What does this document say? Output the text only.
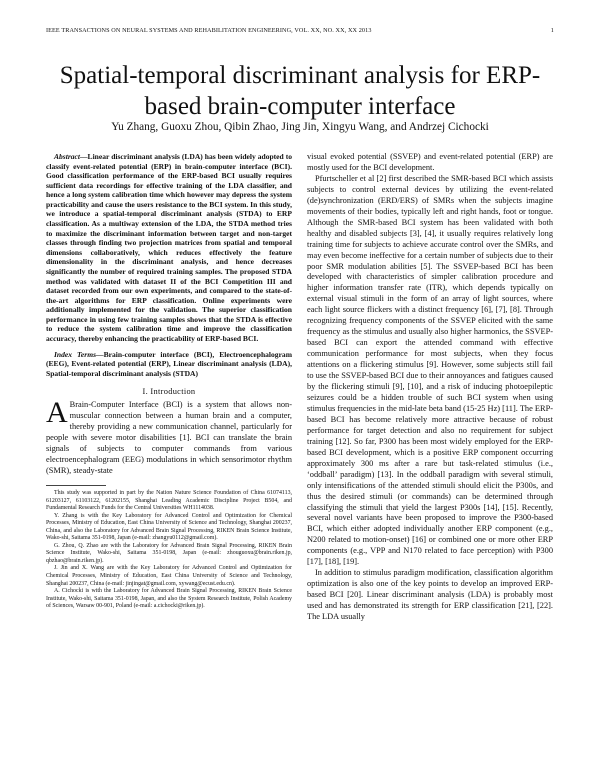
IEEE TRANSACTIONS ON NEURAL SYSTEMS AND REHABILITATION ENGINEERING, VOL. XX, NO. XX, XX 2013	1
Spatial-temporal discriminant analysis for ERP-based brain-computer interface
Yu Zhang, Guoxu Zhou, Qibin Zhao, Jing Jin, Xingyu Wang, and Andrzej Cichocki

Abstract—Linear discriminant analysis (LDA) has been widely adopted to classify event-related potential (ERP) in brain-computer interface (BCI). Good classification performance of the ERP-based BCI usually requires sufficient data recordings for effective training of the LDA classifier, and hence a long system calibration time which however may depress the system practicability and cause the users resistance to the BCI system. In this study, we introduce a spatial-temporal discriminant analysis (STDA) to ERP classification. As a multiway extension of the LDA, the STDA method tries to maximize the discriminant information between target and non-target classes through finding two projection matrices from spatial and temporal dimensions collaboratively, which reduces effectively the feature dimensionality in the discriminant analysis, and hence decreases significantly the number of required training samples. The proposed STDA method was validated with dataset II of the BCI Competition III and dataset recorded from our own experiments, and compared to the state-of-the-art algorithms for ERP classification. Online experiments were additionally implemented for the validation. The superior classification performance in using few training samples shows that the STDA is effective to reduce the system calibration time and improve the classification accuracy, thereby enhancing the practicability of ERP-based BCI.

Index Terms—Brain-computer interface (BCI), Electroencephalogram (EEG), Event-related potential (ERP), Linear discriminant analysis (LDA), Spatial-temporal discriminant analysis (STDA)

I. Introduction

A Brain-Computer Interface (BCI) is a system that allows non-muscular connection between a human brain and a computer, thereby providing a new communication channel, particularly for people with severe motor disabilities [1]. BCI can translate the brain signals of subjects to computer commands from various electroencephalogram (EEG) modulations in which sensorimotor rhythm (SMR), steady-state

This study was supported in part by the Nation Nature Science Foundation of China 61074113, 61203127, 61103122, 61202155, Shanghai Leading Academic Discipline Project B504, and Fundamental Research Funds for the Central Universities WH1114038.

Y. Zhang is with the Key Laboratory for Advanced Control and Optimization for Chemical Processes, Ministry of Education, East China University of Science and Technology, Shanghai 200237, China, and also the Laboratory for Advanced Brain Signal Processing, RIKEN Brain Science Institute, Wako-shi, Saitama 351-0198, Japan (e-mail: zhangyu0112@gmail.com).

G. Zhou, Q. Zhao are with the Laboratory for Advanced Brain Signal Processing, RIKEN Brain Science Institute, Wako-shi, Saitama 351-0198, Japan (e-mail: zhouguoxu@brain.riken.jp, qbzhao@brain.riken.jp).

J. Jin and X. Wang are with the Key Laboratory for Advanced Control and Optimization for Chemical Processes, Ministry of Education, East China University of Science and Technology, Shanghai 200237, China (e-mail: jinjingat@gmail.com, xywang@ecust.edu.cn).

A. Cichocki is with the Laboratory for Advanced Brain Signal Processing, RIKEN Brain Science Institute, Wako-shi, Saitama 351-0198, Japan, and also the System Research Institute, Polish Academy of Sciences, Warsaw 00-901, Poland (e-mail: a.cichocki@riken.jp).

visual evoked potential (SSVEP) and event-related potential (ERP) are mostly used for the BCI development.

Pfurtscheller et al [2] first described the SMR-based BCI which assists subjects to control external devices by utilizing the event-related (de)synchronization (ERD/ERS) of SMRs when the subjects imagine movements of their bodies, typically left and right hands, foot or tongue. Although the SMR-based BCI system has been validated with both healthy and disabled subjects [3], [4], it usually requires relatively long training time for subjects to achieve accurate control over the SMRs, and may even become ineffective for a certain number of subjects due to their poor SMR modulation abilities [5]. The SSVEP-based BCI has been developed with characteristics of simpler calibration procedure and higher information transfer rate (ITR), which depends typically on external visual stimuli in the form of an array of light sources, where each light source flickers with a distinct frequency [6], [7], [8]. Through recognizing frequency components of the SSVEP elicited with the same frequency as the stimulus and usually also higher harmonics, the SSVEP-based BCI can export the attended command with effective communication performance for most subjects, when they focus attentions on a flickering stimulus [9]. However, some subjects still fail to use the SSVEP-based BCI due to their annoyances and fatigues caused by the flickering stimuli [9], [10], and a risk of inducing photoepileptic seizures could be a hidden trouble of such BCI system when using stimulus frequencies in the mid-late beta band (15-25 Hz) [11]. The ERP-based BCI has become relatively more attractive because of robust performance for target detection and also no requirement for subject training [12]. So far, P300 has been most widely employed for the ERP-based BCI development, which is a positive ERP component occurring approximately 300 ms after a rare but task-related stimulus (i.e., ‘oddball’ paradigm) [13]. In the oddball paradigm with several stimuli, only intensifications of the attended stimuli should elicit the P300s, and thus the desired stimuli (or commands) can be determined through classifying the stimuli that yield the largest P300s [14], [15]. Recently, several novel variants have been proposed to improve the P300-based BCI, which either adopted individually another ERP component (e.g., N200 related to motion-onset) [16] or combined one or more other ERP components (e.g., VPP and N170 related to face perception) with P300 [17], [18], [19].

In addition to stimulus paradigm modification, classification algorithm optimization is also one of the key points to develop an improved ERP-based BCI [20]. Linear discriminant analysis (LDA) is probably most used and has demonstrated its strength for ERP classification [21], [22]. The LDA usually
